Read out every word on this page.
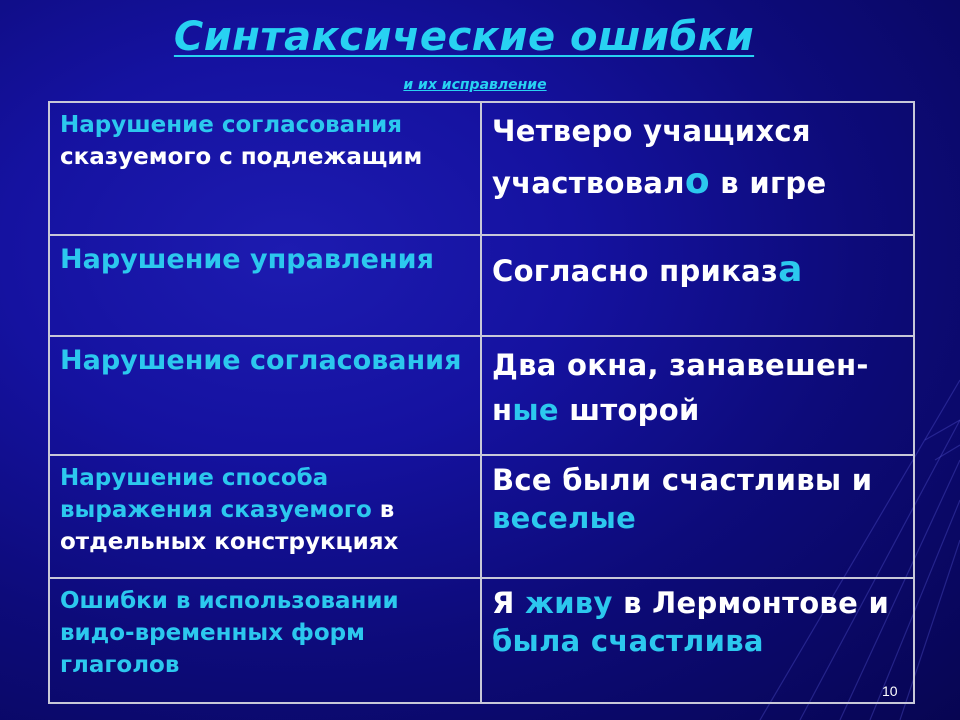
Синтаксические ошибки
и их исправление
Нарушение согласования сказуемого с подлежащим	Четверо учащихся участвовало в игре
Нарушение управления	Согласно приказа
Нарушение согласования	Два окна, занавешен-ные шторой
Нарушение способа выражения сказуемого в отдельных конструкциях	Все были счастливы и веселые
Ошибки в использовании видо-временных форм глаголов	Я живу в Лермонтове и была счастлива
10
